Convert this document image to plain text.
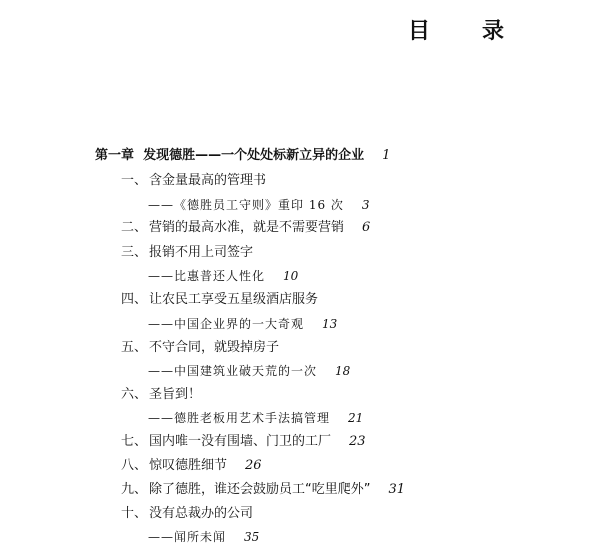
目 录
第一章 发现德胜——一个处处标新立异的企业 1
一、 含金量最高的管理书
——《德胜员工守则》重印 16 次 3
二、 营销的最高水准，就是不需要营销 6
三、 报销不用上司签字
——比惠普还人性化 10
四、 让农民工享受五星级酒店服务
——中国企业界的一大奇观 13
五、 不守合同，就毁掉房子
——中国建筑业破天荒的一次 18
六、 圣旨到！
——德胜老板用艺术手法搞管理 21
七、 国内唯一没有围墙、门卫的工厂 23
八、 惊叹德胜细节 26
九、 除了德胜，谁还会鼓励员工“吃里爬外” 31
十、 没有总裁办的公司
——闻所未闻 35
